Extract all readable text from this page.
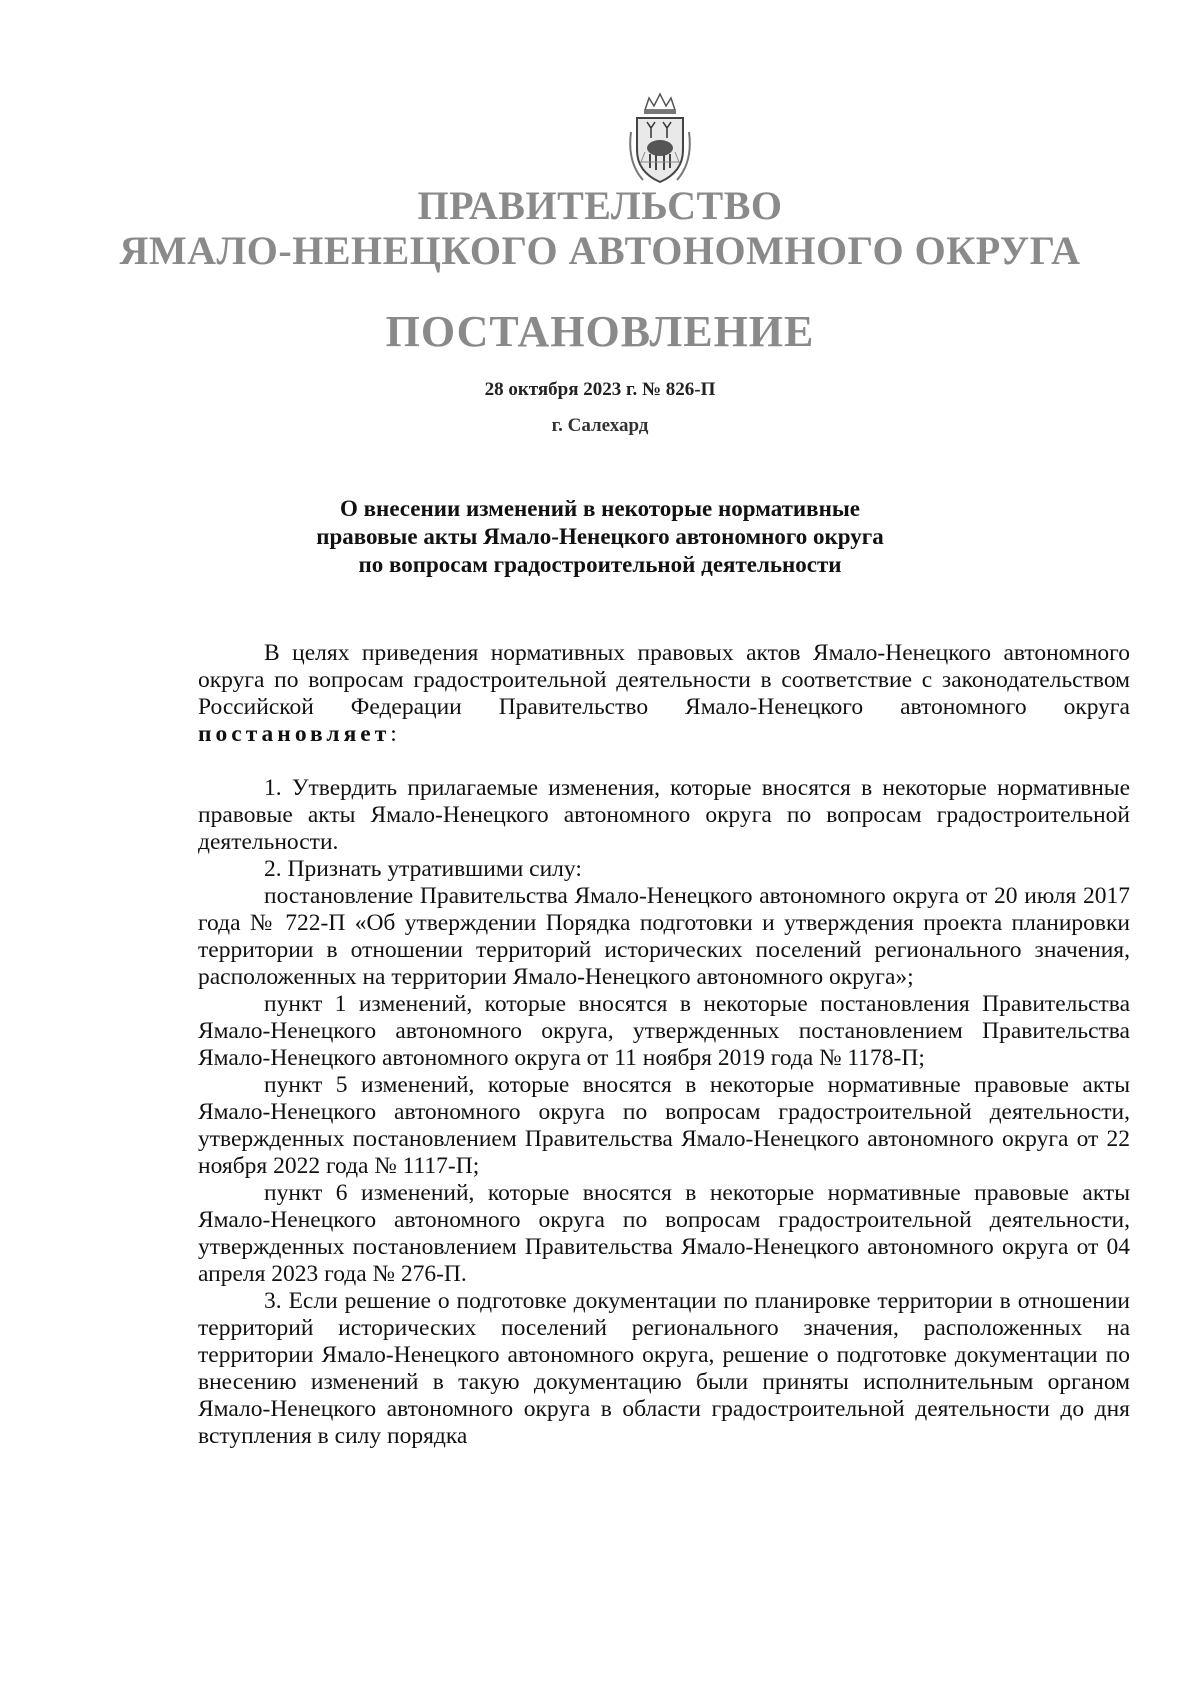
ПРАВИТЕЛЬСТВО
ЯМАЛО-НЕНЕЦКОГО АВТОНОМНОГО ОКРУГА
ПОСТАНОВЛЕНИЕ
28 октября 2023 г. № 826-П
г. Салехард
О внесении изменений в некоторые нормативные
правовые акты Ямало-Ненецкого автономного округа
по вопросам градостроительной деятельности

В целях приведения нормативных правовых актов Ямало-Ненецкого автономного округа по вопросам градостроительной деятельности в соответствие с законодательством Российской Федерации Правительство Ямало-Ненецкого автономного округа постановляет:

1. Утвердить прилагаемые изменения, которые вносятся в некоторые нормативные правовые акты Ямало-Ненецкого автономного округа по вопросам градостроительной деятельности.

2. Признать утратившими силу:

постановление Правительства Ямало-Ненецкого автономного округа от 20 июля 2017 года № 722-П «Об утверждении Порядка подготовки и утверждения проекта планировки территории в отношении территорий исторических поселений регионального значения, расположенных на территории Ямало-Ненецкого автономного округа»;

пункт 1 изменений, которые вносятся в некоторые постановления Правительства Ямало-Ненецкого автономного округа, утвержденных постановлением Правительства Ямало-Ненецкого автономного округа от 11 ноября 2019 года № 1178-П;

пункт 5 изменений, которые вносятся в некоторые нормативные правовые акты Ямало-Ненецкого автономного округа по вопросам градостроительной деятельности, утвержденных постановлением Правительства Ямало-Ненецкого автономного округа от 22 ноября 2022 года № 1117-П;

пункт 6 изменений, которые вносятся в некоторые нормативные правовые акты Ямало-Ненецкого автономного округа по вопросам градостроительной деятельности, утвержденных постановлением Правительства Ямало-Ненецкого автономного округа от 04 апреля 2023 года № 276-П.

3. Если решение о подготовке документации по планировке территории в отношении территорий исторических поселений регионального значения, расположенных на территории Ямало-Ненецкого автономного округа, решение о подготовке документации по внесению изменений в такую документацию были приняты исполнительным органом Ямало-Ненецкого автономного округа в области градостроительной деятельности до дня вступления в силу порядка
